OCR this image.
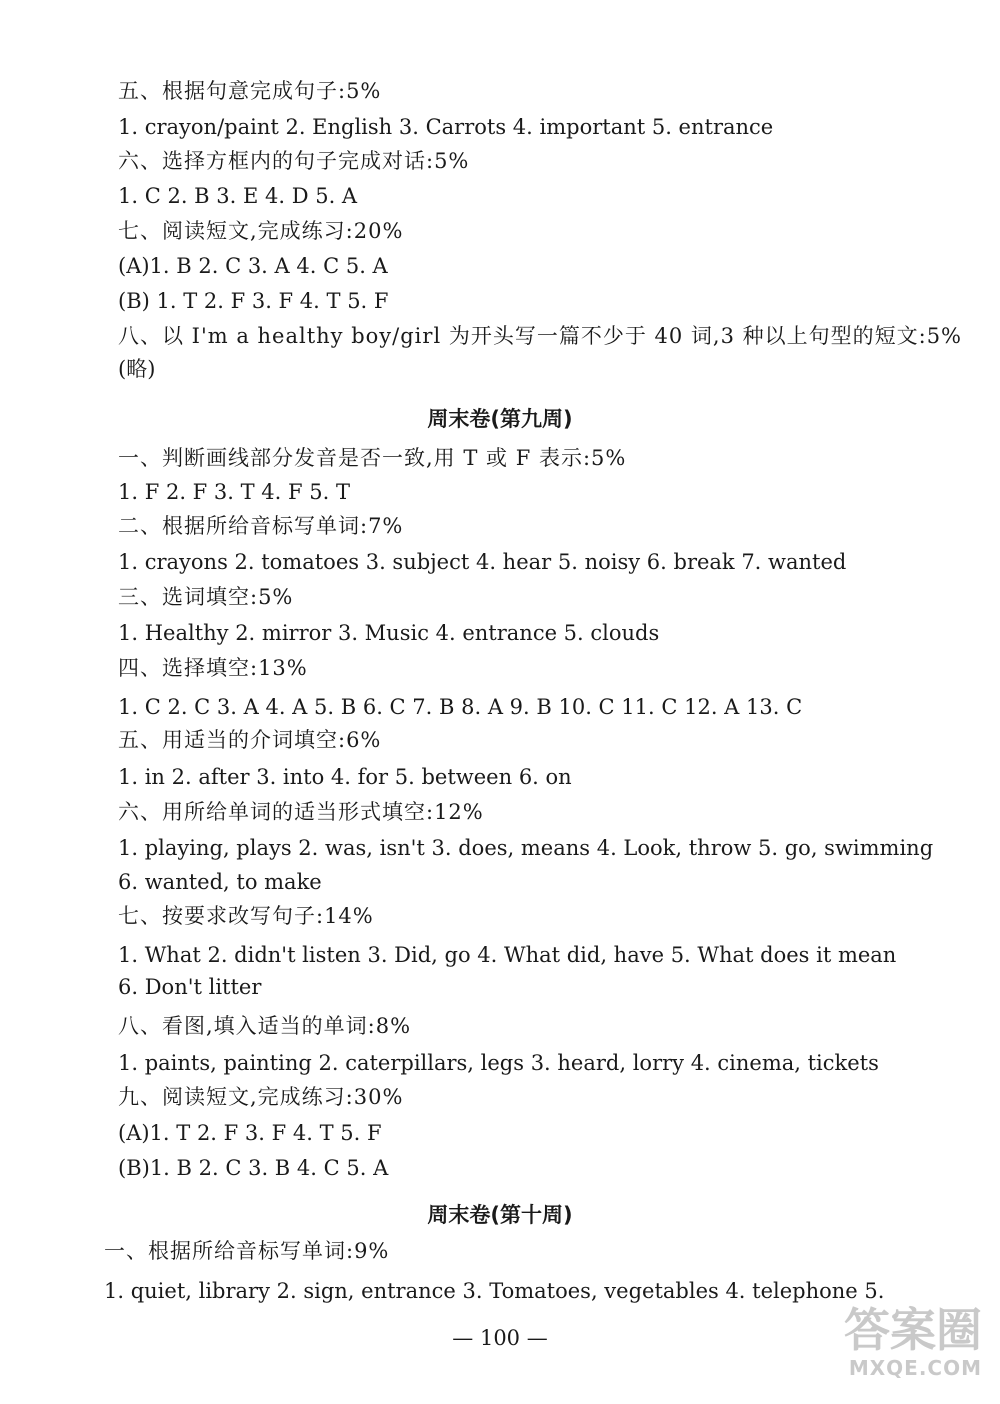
五、根据句意完成句子:5%
1. crayon/paint 2. English 3. Carrots 4. important 5. entrance
六、选择方框内的句子完成对话:5%
1. C 2. B 3. E 4. D 5. A
七、阅读短文,完成练习:20%
(A)1. B 2. C 3. A 4. C 5. A
(B) 1. T 2. F 3. F 4. T 5. F
八、以 I'm a healthy boy/girl 为开头写一篇不少于 40 词,3 种以上句型的短文:5%
(略)
周末卷(第九周)
一、判断画线部分发音是否一致,用 T 或 F 表示:5%
1. F 2. F 3. T 4. F 5. T
二、根据所给音标写单词:7%
1. crayons 2. tomatoes 3. subject 4. hear 5. noisy 6. break 7. wanted
三、选词填空:5%
1. Healthy 2. mirror 3. Music 4. entrance 5. clouds
四、选择填空:13%
1. C 2. C 3. A 4. A 5. B 6. C 7. B 8. A 9. B 10. C 11. C 12. A 13. C
五、用适当的介词填空:6%
1. in 2. after 3. into 4. for 5. between 6. on
六、用所给单词的适当形式填空:12%
1. playing, plays 2. was, isn't 3. does, means 4. Look, throw 5. go, swimming
6. wanted, to make
七、按要求改写句子:14%
1. What 2. didn't listen 3. Did, go 4. What did, have 5. What does it mean
6. Don't litter
八、看图,填入适当的单词:8%
1. paints, painting 2. caterpillars, legs 3. heard, lorry 4. cinema, tickets
九、阅读短文,完成练习:30%
(A)1. T 2. F 3. F 4. T 5. F
(B)1. B 2. C 3. B 4. C 5. A
周末卷(第十周)
一、根据所给音标写单词:9%
1. quiet, library 2. sign, entrance 3. Tomatoes, vegetables 4. telephone 5.
— 100 —	答案圈
MXQE.COM
